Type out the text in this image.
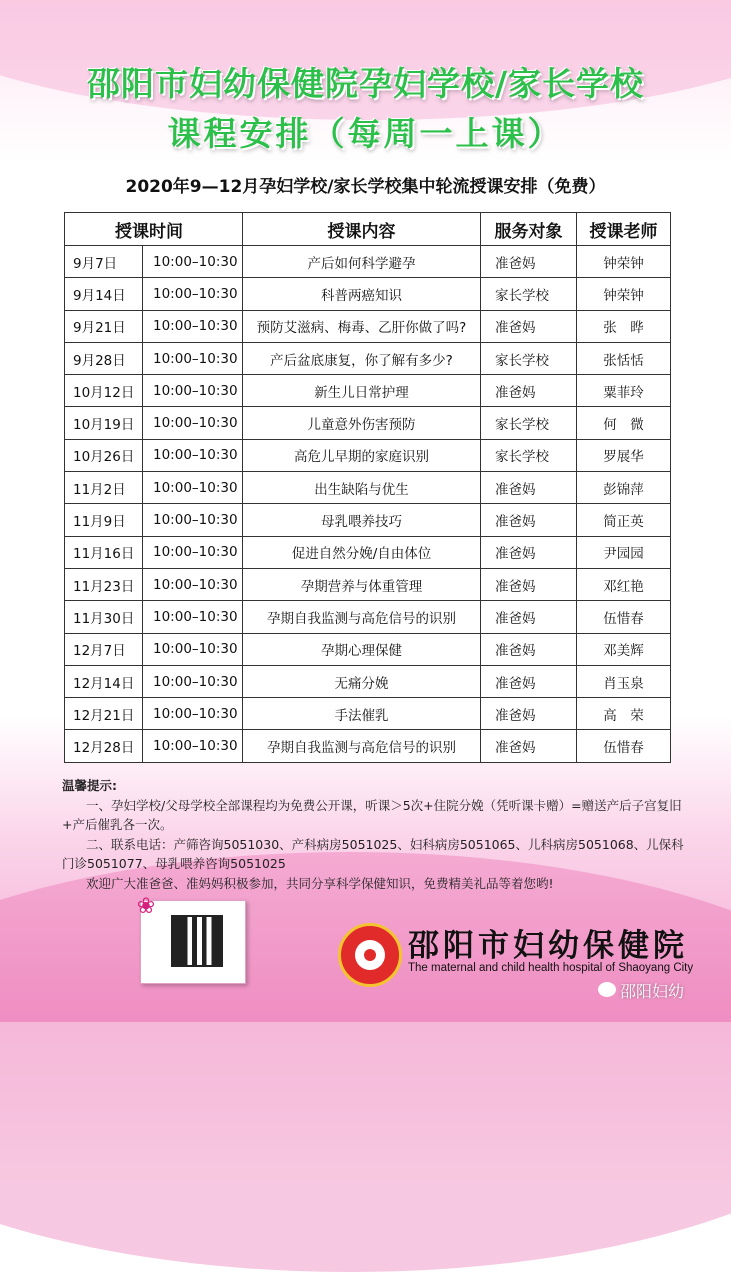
邵阳市妇幼保健院孕妇学校/家长学校
课程安排（每周一上课）
2020年9—12月孕妇学校/家长学校集中轮流授课安排（免费）
授课时间		授课内容	服务对象	授课老师
9月7日	10:00–10:30	产后如何科学避孕	准爸妈	钟荣钟
9月14日	10:00–10:30	科普两癌知识	家长学校	钟荣钟
9月21日	10:00–10:30	预防艾滋病、梅毒、乙肝你做了吗?	准爸妈	张　晔
9月28日	10:00–10:30	产后盆底康复，你了解有多少?	家长学校	张恬恬
10月12日	10:00–10:30	新生儿日常护理	准爸妈	粟菲玲
10月19日	10:00–10:30	儿童意外伤害预防	家长学校	何　微
10月26日	10:00–10:30	高危儿早期的家庭识别	家长学校	罗展华
11月2日	10:00–10:30	出生缺陷与优生	准爸妈	彭锦萍
11月9日	10:00–10:30	母乳喂养技巧	准爸妈	简正英
11月16日	10:00–10:30	促进自然分娩/自由体位	准爸妈	尹园园
11月23日	10:00–10:30	孕期营养与体重管理	准爸妈	邓红艳
11月30日	10:00–10:30	孕期自我监测与高危信号的识别	准爸妈	伍惜春
12月7日	10:00–10:30	孕期心理保健	准爸妈	邓美辉
12月14日	10:00–10:30	无痛分娩	准爸妈	肖玉泉
12月21日	10:00–10:30	手法催乳	准爸妈	高　荣
12月28日	10:00–10:30	孕期自我监测与高危信号的识别	准爸妈	伍惜春

温馨提示:

一、孕妇学校/父母学校全部课程均为免费公开课，听课＞5次+住院分娩（凭听课卡赠）=赠送产后子宫复旧+产后催乳各一次。

二、联系电话：产筛咨询5051030、产科病房5051025、妇科病房5051065、儿科病房5051068、儿保科门诊5051077、母乳喂养咨询5051025

欢迎广大准爸爸、准妈妈积极参加，共同分享科学保健知识，免费精美礼品等着您哟!

❀
邵阳市妇幼保健院
The maternal and child health hospital of Shaoyang City
邵阳妇幼
